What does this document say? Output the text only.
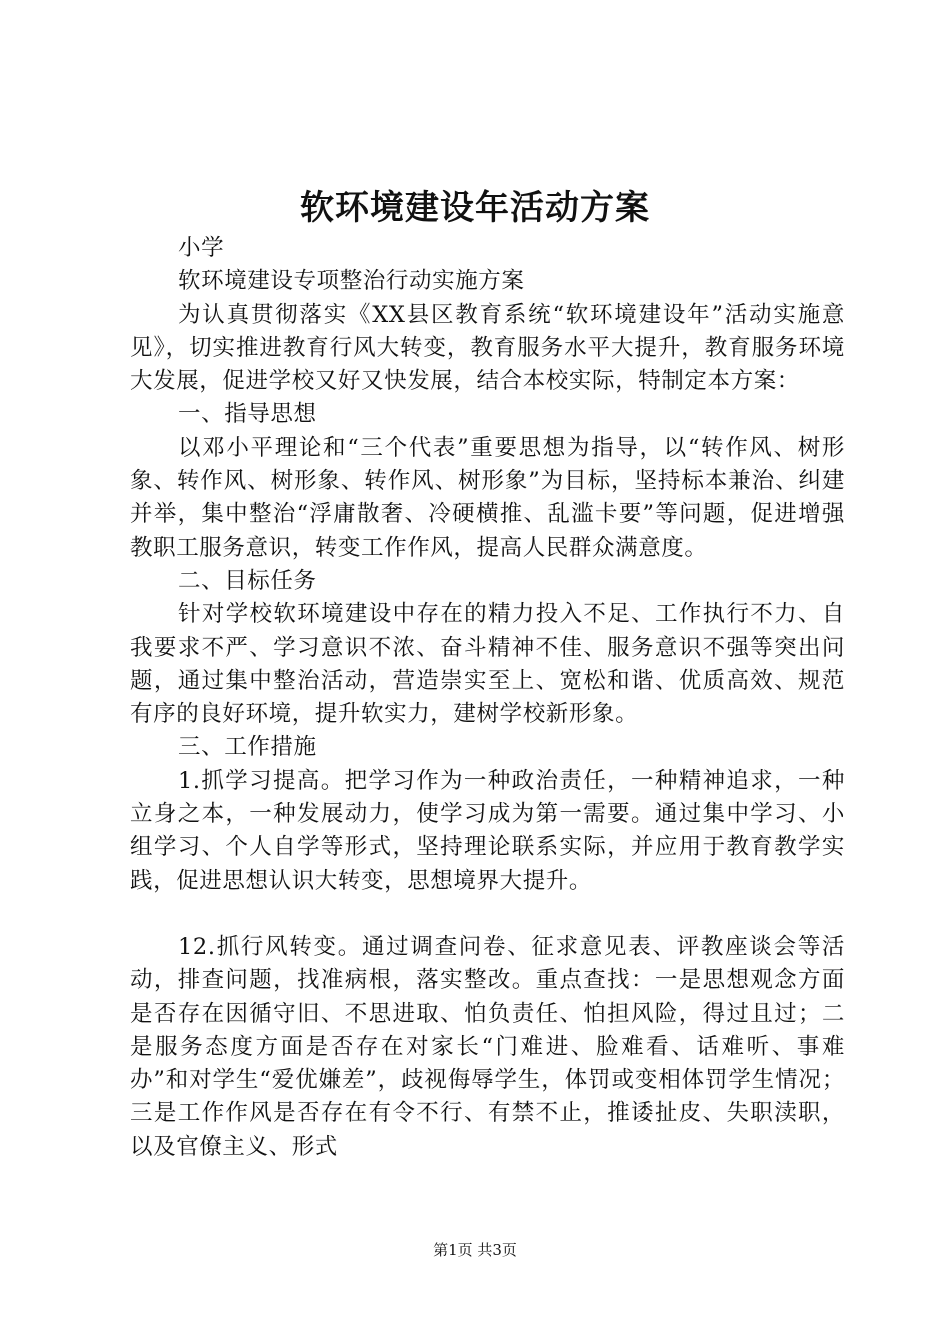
软环境建设年活动方案

小学

软环境建设专项整治行动实施方案

为认真贯彻落实《XX县区教育系统“软环境建设年”活动实施意见》，切实推进教育行风大转变，教育服务水平大提升，教育服务环境大发展，促进学校又好又快发展，结合本校实际，特制定本方案：

一、指导思想

以邓小平理论和“三个代表”重要思想为指导，以“转作风、树形象、转作风、树形象、转作风、树形象”为目标，坚持标本兼治、纠建并举，集中整治“浮庸散奢、冷硬横推、乱滥卡要”等问题，促进增强教职工服务意识，转变工作作风，提高人民群众满意度。

二、目标任务

针对学校软环境建设中存在的精力投入不足、工作执行不力、自我要求不严、学习意识不浓、奋斗精神不佳、服务意识不强等突出问题，通过集中整治活动，营造崇实至上、宽松和谐、优质高效、规范有序的良好环境，提升软实力，建树学校新形象。

三、工作措施

1.抓学习提高。把学习作为一种政治责任，一种精神追求，一种立身之本，一种发展动力，使学习成为第一需要。通过集中学习、小组学习、个人自学等形式，坚持理论联系实际，并应用于教育教学实践，促进思想认识大转变，思想境界大提升。

12.抓行风转变。通过调查问卷、征求意见表、评教座谈会等活动，排查问题，找准病根，落实整改。重点查找：一是思想观念方面是否存在因循守旧、不思进取、怕负责任、怕担风险，得过且过；二是服务态度方面是否存在对家长“门难进、脸难看、话难听、事难办”和对学生“爱优嫌差”，歧视侮辱学生，体罚或变相体罚学生情况；三是工作作风是否存在有令不行、有禁不止，推诿扯皮、失职渎职，以及官僚主义、形式

第1页 共3页
